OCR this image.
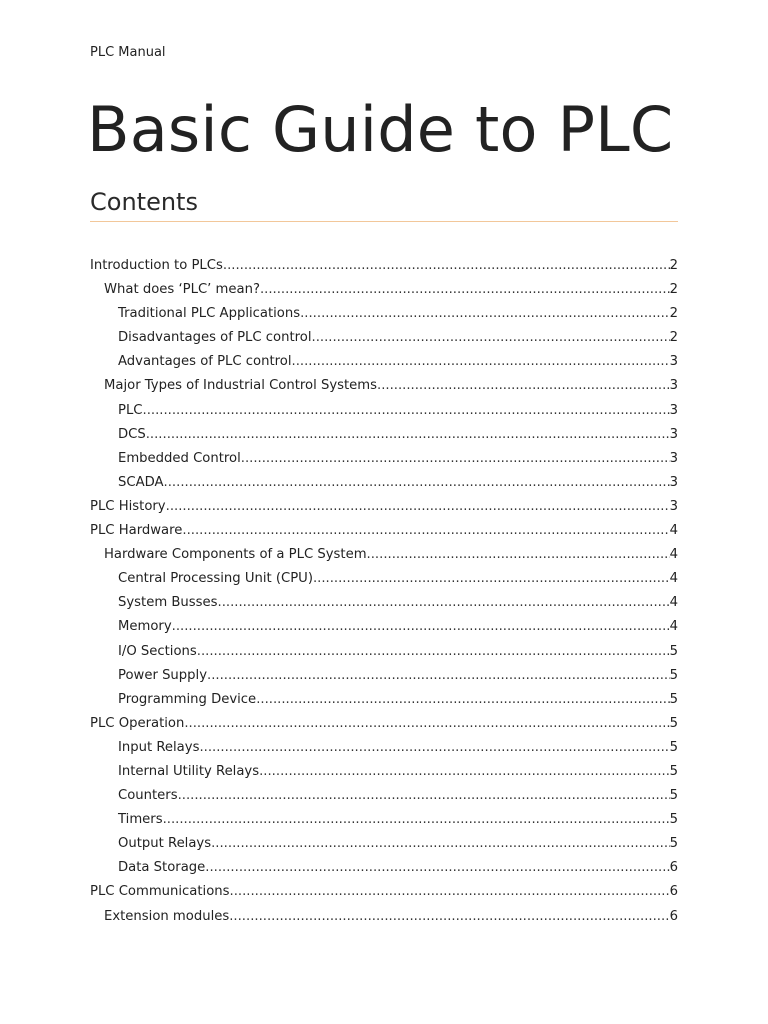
PLC Manual
Basic Guide to PLC
Contents
Introduction to PLCs .....	2
What does ‘PLC’ mean? .....	2
Traditional PLC Applications .....	2
Disadvantages of PLC control .....	2
Advantages of PLC control .....	3
Major Types of Industrial Control Systems .....	3
PLC .....	3
DCS .....	3
Embedded Control .....	3
SCADA .....	3
PLC History .....	3
PLC Hardware .....	4
Hardware Components of a PLC System .....	4
Central Processing Unit (CPU) .....	4
System Busses .....	4
Memory .....	4
I/O Sections .....	5
Power Supply .....	5
Programming Device .....	5
PLC Operation .....	5
Input Relays .....	5
Internal Utility Relays .....	5
Counters .....	5
Timers .....	5
Output Relays .....	5
Data Storage .....	6
PLC Communications .....	6
Extension modules .....	6
